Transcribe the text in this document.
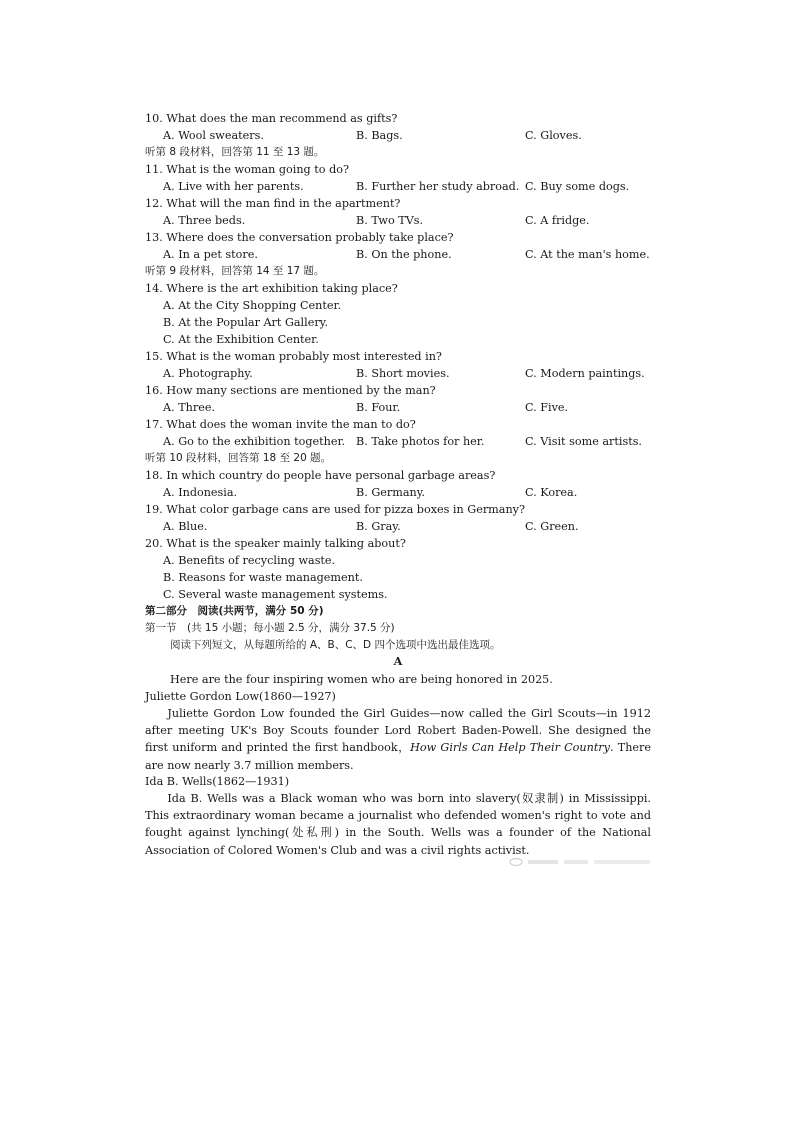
10. What does the man recommend as gifts?
A. Wool sweaters.	B. Bags.	C. Gloves.
听第 8 段材料，回答第 11 至 13 题。
11. What is the woman going to do?
A. Live with her parents.	B. Further her study abroad. C. Buy some dogs.
12. What will the man find in the apartment?
A. Three beds.	B. Two TVs.	C. A fridge.
13. Where does the conversation probably take place?
A. In a pet store.	B. On the phone.	C. At the man's home.
听第 9 段材料，回答第 14 至 17 题。
14. Where is the art exhibition taking place?
A. At the City Shopping Center.
B. At the Popular Art Gallery.
C. At the Exhibition Center.
15. What is the woman probably most interested in?
A. Photography.	B. Short movies.	C. Modern paintings.
16. How many sections are mentioned by the man?
A. Three.	B. Four.	C. Five.
17. What does the woman invite the man to do?
A. Go to the exhibition together. B. Take photos for her.	C. Visit some artists.
听第 10 段材料，回答第 18 至 20 题。
18. In which country do people have personal garbage areas?
A. Indonesia.	B. Germany.	C. Korea.
19. What color garbage cans are used for pizza boxes in Germany?
A. Blue.	B. Gray.	C. Green.
20. What is the speaker mainly talking about?
A. Benefits of recycling waste.
B. Reasons for waste management.
C. Several waste management systems.
第二部分　阅读(共两节，满分 50 分)
第一节　(共 15 小题；每小题 2.5 分，满分 37.5 分)
阅读下列短文，从每题所给的 A、B、C、D 四个选项中选出最佳选项。
A
Here are the four inspiring women who are being honored in 2025.
Juliette Gordon Low(1860—1927)
Juliette Gordon Low founded the Girl Guides—now called the Girl Scouts—in 1912 after meeting UK's Boy Scouts founder Lord Robert Baden-Powell. She designed the first uniform and printed the first handbook，How Girls Can Help Their Country. There are now nearly 3.7 million members.
Ida B. Wells(1862—1931)
Ida B. Wells was a Black woman who was born into slavery(奴隶制) in Mississippi. This extraordinary woman became a journalist who defended women's right to vote and fought against lynching(处私刑) in the South. Wells was a founder of the National Association of Colored Women's Club and was a civil rights activist.
